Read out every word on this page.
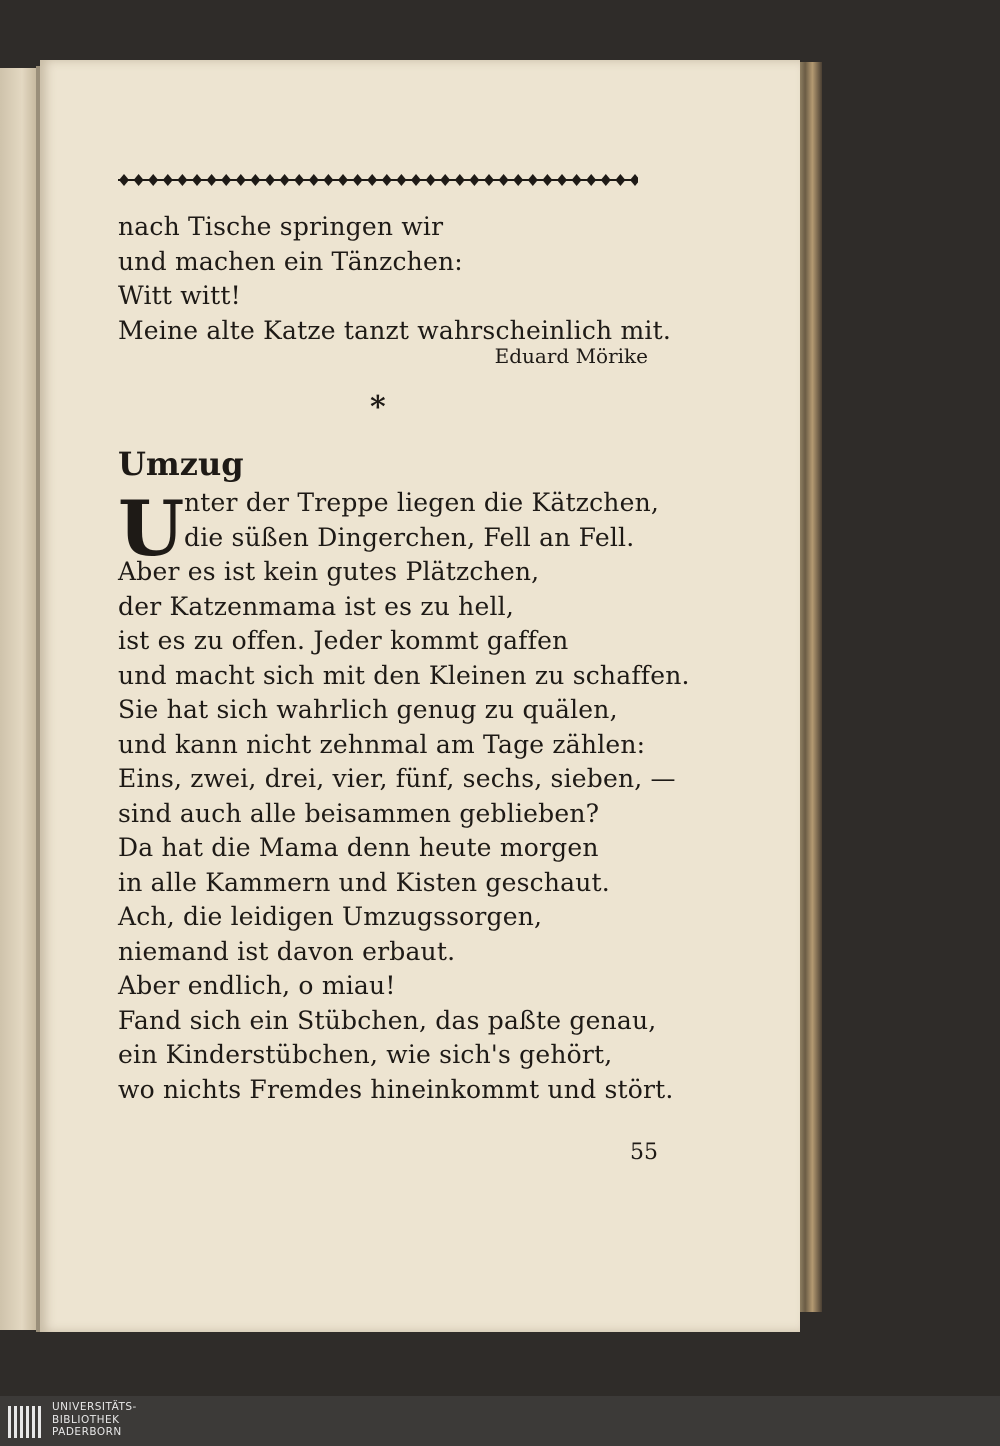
nach Tische springen wir
und machen ein Tänzchen:
Witt witt!
Meine alte Katze tanzt wahrscheinlich mit.
Eduard Mörike
*
Umzug
U nter der Treppe liegen die Kätzchen,
die süßen Dingerchen, Fell an Fell.
Aber es ist kein gutes Plätzchen,
der Katzenmama ist es zu hell,
ist es zu offen. Jeder kommt gaffen
und macht sich mit den Kleinen zu schaffen.
Sie hat sich wahrlich genug zu quälen,
und kann nicht zehnmal am Tage zählen:
Eins, zwei, drei, vier, fünf, sechs, sieben, —
sind auch alle beisammen geblieben?
Da hat die Mama denn heute morgen
in alle Kammern und Kisten geschaut.
Ach, die leidigen Umzugssorgen,
niemand ist davon erbaut.
Aber endlich, o miau!
Fand sich ein Stübchen, das paßte genau,
ein Kinderstübchen, wie sich's gehört,
wo nichts Fremdes hineinkommt und stört.
55
UNIVERSITÄTS-
BIBLIOTHEK
PADERBORN
